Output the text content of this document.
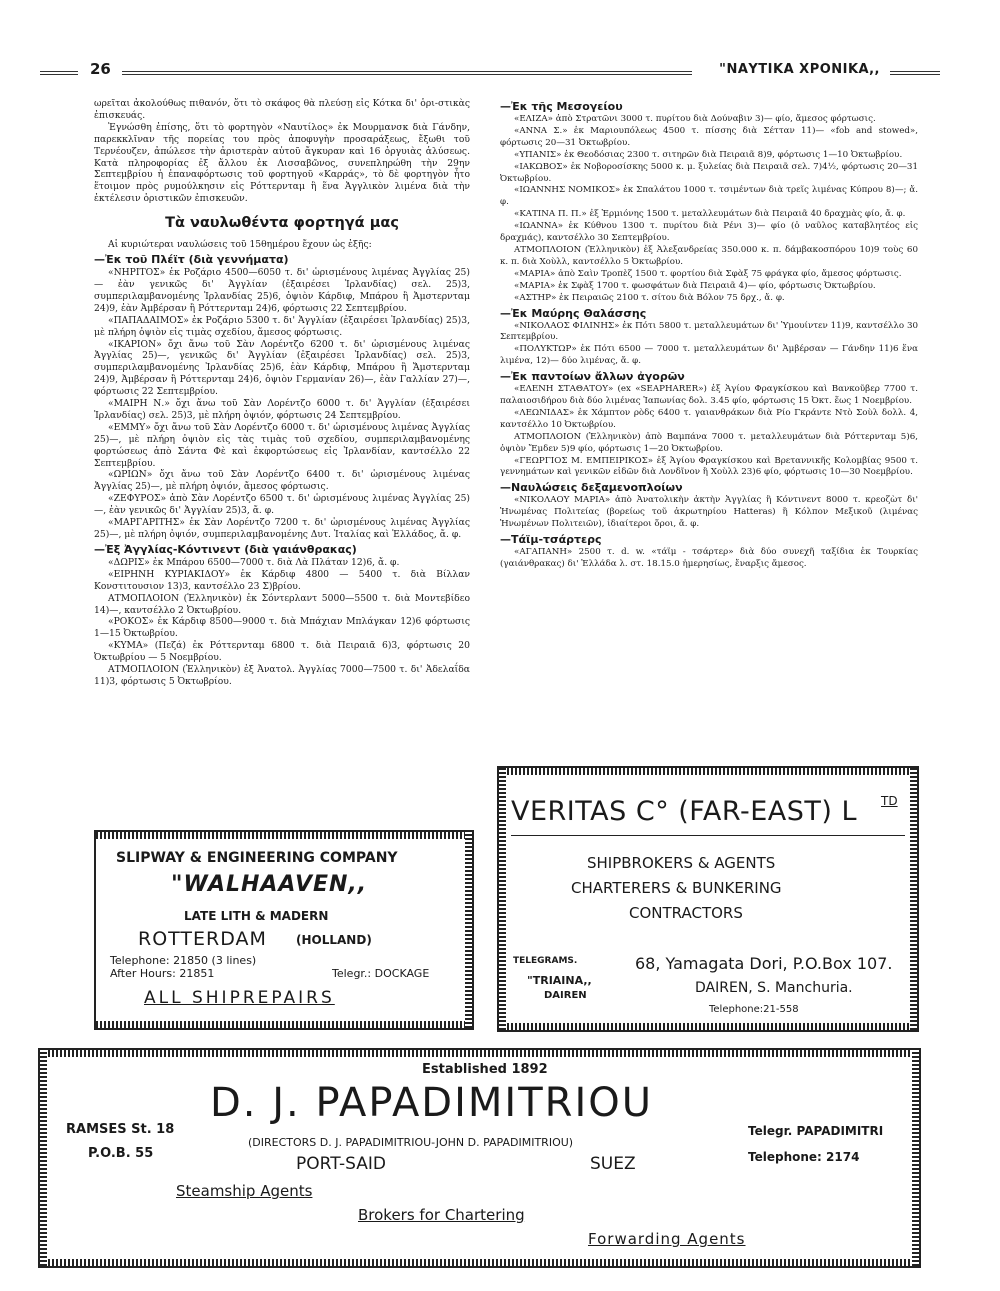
26	"ΝΑΥΤΙΚΑ ΧΡΟΝΙΚΑ,,

ωρεῖται ἀκολούθως πιθανόν, ὅτι τὸ σκάφος θὰ πλεύσῃ εἰς Κότκα δι' ὁρι-στικὰς ἐπισκευάς.

Ἐγνώσθη ἐπίσης, ὅτι τὸ φορτηγὸν «Ναυτίλος» ἐκ Μουρμανσκ διὰ Γάνδην, παρεκκλῖναν τῆς πορείας του πρὸς ἀποφυγὴν προσαράξεως, ἔξωθι τοῦ Τερνέουζεν, ἀπώλεσε τὴν ἀριστερὰν αὐτοῦ ἄγκυραν καὶ 16 ὀργυιὰς ἁλύσεως. Κατὰ πληροφορίας ἐξ ἄλλου ἐκ Λισσαβῶνος, συνεπληρώθη τὴν 29ην Σεπτεμβρίου ἡ ἐπαναφόρτωσις τοῦ φορτηγοῦ «Καρράς», τὸ δὲ φορτηγὸν ἦτο ἕτοιμον πρὸς ρυμούλκησιν εἰς Ρόττερνταμ ἢ ἕνα Ἀγγλικὸν λιμένα διὰ τὴν ἐκτέλεσιν ὁριστικῶν ἐπισκευῶν.

Τὰ ναυλωθέντα φορτηγά μας

Αἱ κυριώτεραι ναυλώσεις τοῦ 15θημέρου ἔχουν ὡς ἑξῆς:

—Ἐκ τοῦ Πλέϊτ (διὰ γεννήματα)

«ΝΗΡΙΤΟΣ» ἐκ Ροζάριο 4500—6050 τ. δι' ὡρισμένους λιμένας Ἀγγλίας 25)— ἐὰν γενικῶς δι' Ἀγγλίαν (ἐξαιρέσει Ἰρλανδίας) σελ. 25)3, συμπεριλαμβανομένης Ἰρλανδίας 25)6, ὀψιὸν Κάρδιφ, Μπάρου ἢ Ἀμστερνταμ 24)9, ἐὰν Ἀμβέρσαν ἢ Ρόττερνταμ 24)6, φόρτωσις 22 Σεπτεμβρίου.

«ΠΑΠΑΔΑΙΜΟΣ» ἐκ Ροζάριο 5300 τ. δι' Ἀγγλίαν (ἐξαιρέσει Ἰρλανδίας) 25)3, μὲ πλήρη ὀψιὸν εἰς τιμὰς σχεδίου, ἄμεσος φόρτωσις.

«ΙΚΑΡΙΟΝ» ὄχι ἄνω τοῦ Σὰν Λορέντζο 6200 τ. δι' ὡρισμένους λιμένας Ἀγγλίας 25)—, γενικῶς δι' Ἀγγλίαν (ἐξαιρέσει Ἰρλανδίας) σελ. 25)3, συμπεριλαμβανομένης Ἰρλανδίας 25)6, ἐὰν Κάρδιφ, Μπάρου ἢ Ἄμστερνταμ 24)9, Ἀμβέρσαν ἢ Ρόττερνταμ 24)6, ὀψιὸν Γερμανίαν 26)—, ἐὰν Γαλλίαν 27)—, φόρτωσις 22 Σεπτεμβρίου.

«ΜΑΙΡΗ Ν.» ὄχι ἄνω τοῦ Σὰν Λορέντζο 6000 τ. δι' Ἀγγλίαν (ἐξαιρέσει Ἰρλανδίας) σελ. 25)3, μὲ πλήρη ὀψιόν, φόρτωσις 24 Σεπτεμβρίου.

«ΕΜΜΥ» ὄχι ἄνω τοῦ Σὰν Λορέντζο 6000 τ. δι' ὡρισμένους λιμένας Ἀγγλίας 25)—, μὲ πλήρη ὀψιὸν εἰς τὰς τιμὰς τοῦ σχεδίου, συμπεριλαμβανομένης φορτώσεως ἀπὸ Σάντα Φὲ καὶ ἐκφορτώσεως εἰς Ἰρλανδίαν, καντσέλλο 22 Σεπτεμβρίου.

«ΩΡΙΩΝ» ὄχι ἄνω τοῦ Σὰν Λορέντζο 6400 τ. δι' ὡρισμένους λιμένας Ἀγγλίας 25)—, μὲ πλήρη ὀψιόν, ἄμεσος φόρτωσις.

«ΖΕΦΥΡΟΣ» ἀπὸ Σὰν Λορέντζο 6500 τ. δι' ὡρισμένους λιμένας Ἀγγλίας 25)—, ἐὰν γενικῶς δι' Ἀγγλίαν 25)3, ἄ. φ.

«ΜΑΡΓΑΡΙΤΗΣ» ἐκ Σὰν Λορέντζο 7200 τ. δι' ὡρισμένους λιμένας Ἀγγλίας 25)—, μὲ πλήρη ὀψιόν, συμπεριλαμβανομένης Δυτ. Ἰταλίας καὶ Ἑλλάδος, ἄ. φ.

—Ἐξ Ἀγγλίας-Κόντινεντ (διὰ γαιάνθρακας)

«ΔΩΡΙΣ» ἐκ Μπάρου 6500—7000 τ. διὰ Λὰ Πλάταν 12)6, ἄ. φ.

«ΕΙΡΗΝΗ ΚΥΡΙΑΚΙΔΟΥ» ἐκ Κάρδιφ 4800 — 5400 τ. διὰ Βίλλαν Κονστιτουσιον 13)3, καντσέλλο 23 Σ)βρίου.

ΑΤΜΟΠΛΟΙΟΝ (Ἑλληνικὸν) ἐκ Σόντερλαντ 5000—5500 τ. διὰ Μοντεβίδεο 14)—, καντσέλλο 2 Ὀκτωβρίου.

«ΡΟΚΟΣ» ἐκ Κάρδιφ 8500—9000 τ. διὰ Μπάχιαν Μπλάγκαν 12)6 φόρτωσις 1—15 Ὀκτωβρίου.

«ΚΥΜΑ» (Πεζά) ἐκ Ρόττερνταμ 6800 τ. διὰ Πειραιᾶ 6)3, φόρτωσις 20 Ὀκτωβρίου — 5 Νοεμβρίου.

ΑΤΜΟΠΛΟΙΟΝ (Ἑλληνικὸν) ἐξ Ἀνατολ. Ἀγγλίας 7000—7500 τ. δι' Ἀδελαΐδα 11)3, φόρτωσις 5 Ὀκτωβρίου.

—Ἐκ τῆς Μεσογείου

«ΕΛΙΖΑ» ἀπὸ Στρατῶνι 3000 τ. πυρίτου διὰ Δούναβιν 3)— φίο, ἄμεσος φόρτωσις.

«ΑΝΝΑ Σ.» ἐκ Μαριουπόλεως 4500 τ. πίσσης διὰ Σέτταν 11)— «fob and stowed», φόρτωσις 20—31 Ὀκτωβρίου.

«ΥΠΑΝΙΣ» ἐκ Θεοδόσιας 2300 τ. σιτηρῶν διὰ Πειραιᾶ 8)9, φόρτωσις 1—10 Ὀκτωβρίου.

«ΙΑΚΩΒΟΣ» ἐκ Νοβοροσίσκης 5000 κ. μ. ξυλείας διὰ Πειραιᾶ σελ. 7)4½, φόρτωσις 20—31 Ὀκτωβρίου.

«ΙΩΑΝΝΗΣ ΝΟΜΙΚΟΣ» ἐκ Σπαλάτου 1000 τ. τσιμέντων διὰ τρεῖς λιμένας Κύπρου 8)—; ἄ. φ.

«ΚΑΤΙΝΑ Π. Π.» ἐξ Ἑρμιόνης 1500 τ. μεταλλευμάτων διὰ Πειραιᾶ 40 δραχμὰς φίο, ἄ. φ.

«ΙΩΑΝΝΑ» ἐκ Κύθνου 1300 τ. πυρίτου διὰ Ρένι 3)— φίο (ὁ ναῦλος καταβλητέος εἰς δραχμάς), καντσέλλο 30 Σεπτεμβρίου.

ΑΤΜΟΠΛΟΙΟΝ (Ἑλληνικὸν) ἐξ Ἀλεξανδρείας 350.000 κ. π. δάμβακοσπόρου 10)9 τοὺς 60 κ. π. διὰ Χοὺλλ, καντσέλλο 5 Ὀκτωβρίου.

«ΜΑΡΙΑ» ἀπὸ Σαὶν Τροπὲζ 1500 τ. φορτίου διὰ Σφὰξ 75 φράγκα φίο, ἄμεσος φόρτωσις.

«ΜΑΡΙΑ» ἐκ Σφὰξ 1700 τ. φωσφάτων διὰ Πειραιᾶ 4)— φίο, φόρτωσις Ὀκτωβρίου.

«ΑΣΤΗΡ» ἐκ Πειραιῶς 2100 τ. σίτου διὰ Βόλον 75 δρχ., ἄ. φ.

—Ἐκ Μαύρης Θαλάσσης

«ΝΙΚΟΛΑΟΣ ΦΙΛΙΝΗΣ» ἐκ Πότι 5800 τ. μεταλλευμάτων δι' Ὑμουίντεν 11)9, καντσέλλο 30 Σεπτεμβρίου.

«ΠΟΛΥΚΤΩΡ» ἐκ Πότι 6500 — 7000 τ. μεταλλευμάτων δι' Ἀμβέρσαν — Γάνδην 11)6 ἕνα λιμένα, 12)— δύο λιμένας, ἄ. φ.

—Ἐκ παντοίων ἄλλων ἀγορῶν

«ΕΛΕΝΗ ΣΤΑΘΑΤΟΥ» (ex «SEAPHARER») ἐξ Ἁγίου Φραγκίσκου καὶ Βανκοῦβερ 7700 τ. παλαιοσιδήρου διὰ δύο λιμένας Ἰαπωνίας δολ. 3.45 φίο, φόρτωσις 15 Ὀκτ. ἕως 1 Νοεμβρίου.

«ΛΕΩΝΙΔΑΣ» ἐκ Χάμπτον ρὸδς 6400 τ. γαιανθράκων διὰ Ρίο Γκράντε Ντὸ Σοὺλ δολλ. 4, καντσέλλο 10 Ὀκτωβρίου.

ΑΤΜΟΠΛΟΙΟΝ (Ἑλληνικὸν) ἀπὸ Βαμπάνα 7000 τ. μεταλλευμάτων διὰ Ρόττερνταμ 5)6, ὀψιὸν Ἔμδεν 5)9 φίο, φόρτωσις 1—20 Ὀκτωβρίου.

«ΓΕΩΡΓΙΟΣ Μ. ΕΜΠΕΙΡΙΚΟΣ» ἐξ Ἁγίου Φραγκίσκου καὶ Βρεταννικῆς Κολομβίας 9500 τ. γεννημάτων καὶ γενικῶν εἰδῶν διὰ Λονδῖνον ἢ Χοὺλλ 23)6 φίο, φόρτωσις 10—30 Νοεμβρίου.

—Ναυλώσεις δεξαμενοπλοίων

«ΝΙΚΟΛΑΟΥ ΜΑΡΙΑ» ἀπὸ Ἀνατολικὴν ἀκτὴν Ἀγγλίας ἢ Κόντινεντ 8000 τ. κρεοζὼτ δι' Ἡνωμένας Πολιτείας (βορείως τοῦ ἀκρωτηρίου Hatteras) ἢ Κόλπον Μεξικοῦ (λιμένας Ἡνωμένων Πολιτειῶν), ἰδιαίτεροι ὅροι, ἄ. φ.

—Τάϊμ-τσάρτερς

«ΑΓΑΠΑΝΗ» 2500 τ. d. w. «τάϊμ - τσάρτερ» διὰ δύο συνεχῆ ταξίδια ἐκ Τουρκίας (γαιάνθρακας) δι' Ἑλλάδα λ. στ. 18.15.0 ἡμερησίως, ἔναρξις ἄμεσος.

SLIPWAY & ENGINEERING COMPANY
"WALHAAVEN,,
LATE LITH & MADERN
ROTTERDAM (HOLLAND)
Telephone: 21850 (3 lines)
After Hours: 21851	Telegr.: DOCKAGE
ALL SHIPREPAIRS
VERITAS C° (FAR-EAST) L TD
SHIPBROKERS & AGENTS
CHARTERERS & BUNKERING
CONTRACTORS
TELEGRAMS.
"TRIAINA,,
DAIREN
68, Yamagata Dori, P.O.Box 107.
DAIREN, S. Manchuria.
Telephone:21-558
Established 1892
D. J. PAPADIMITRIOU
RAMSES St. 18
P.O.B. 55
(DIRECTORS D. J. PAPADIMITRIOU-JOHN D. PAPADIMITRIOU)
PORT-SAID	SUEZ
Telegr. PAPADIMITRI
Telephone: 2174
Steamship Agents
Brokers for Chartering
Forwarding Agents
